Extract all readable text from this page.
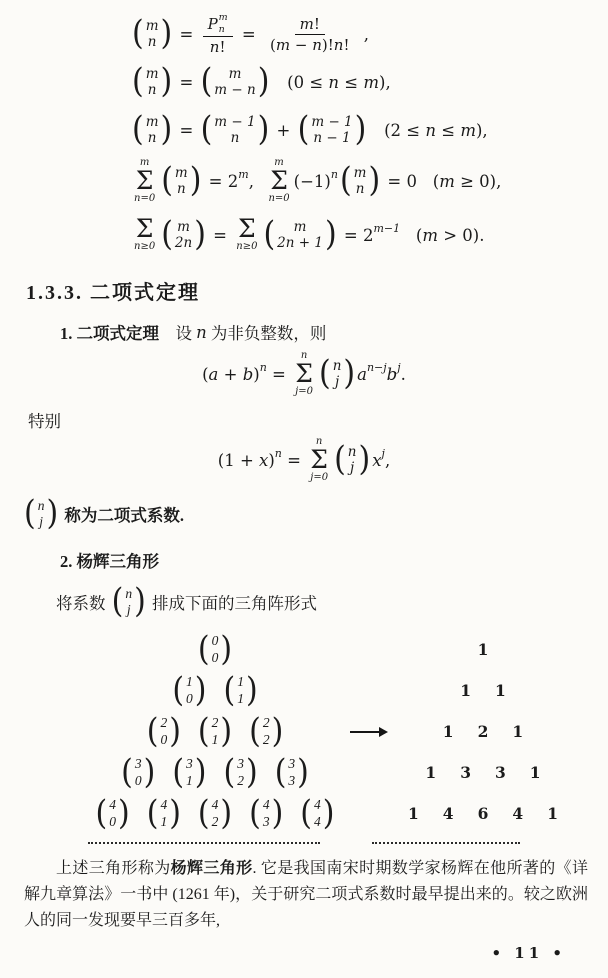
( m
n ) = P m
n
n ! = $\frac{m !}{( m - n )! n !}$ ,
( m
n ) = ( m
m − n ) (0 ≤ n ≤ m ),
( m
n ) = ( m − 1
n ) + ( m − 1
n − 1 ) (2 ≤ n ≤ m ),
m
Σ
n=0 ( m
n ) = 2 m ,
m
Σ
n=0
(−1) n ( m
n ) = 0   ( m ≥ 0),
Σ
n≥0 ( m
2n ) = Σ
n≥0 ( m
2n + 1 ) = 2 m−1 ( m > 0).
1.3.3. 二项式定理
1. 二项式定理 　设 n 为非负整数，则
( a + b ) n =
n
Σ
j=0 ( n
j ) a n−j b j .
特别
(1 + x ) n =
n
Σ
j=0 ( n
j ) x j ,
( n
j ) 称为二项式系数.
2. 杨辉三角形
将系数 ( n
j ) 排成下面的三角阵形式
( 0
0 )	1
( 1
0 ) ( 1
1 )	1 1
( 2
0 ) ( 2
1 ) ( 2
2 )	1 2 1
( 3
0 ) ( 3
1 ) ( 3
2 ) ( 3
3 )	1 3 3 1
( 4
0 ) ( 4
1 ) ( 4
2 ) ( 4
3 ) ( 4
4 )	1 4 6 4 1

上述三角形称为杨辉三角形. 它是我国南宋时期数学家杨辉在他所著的《详解九章算法》一书中 (1261 年)，关于研究二项式系数时最早提出来的。较之欧洲人的同一发现要早三百多年,

• 11 •
